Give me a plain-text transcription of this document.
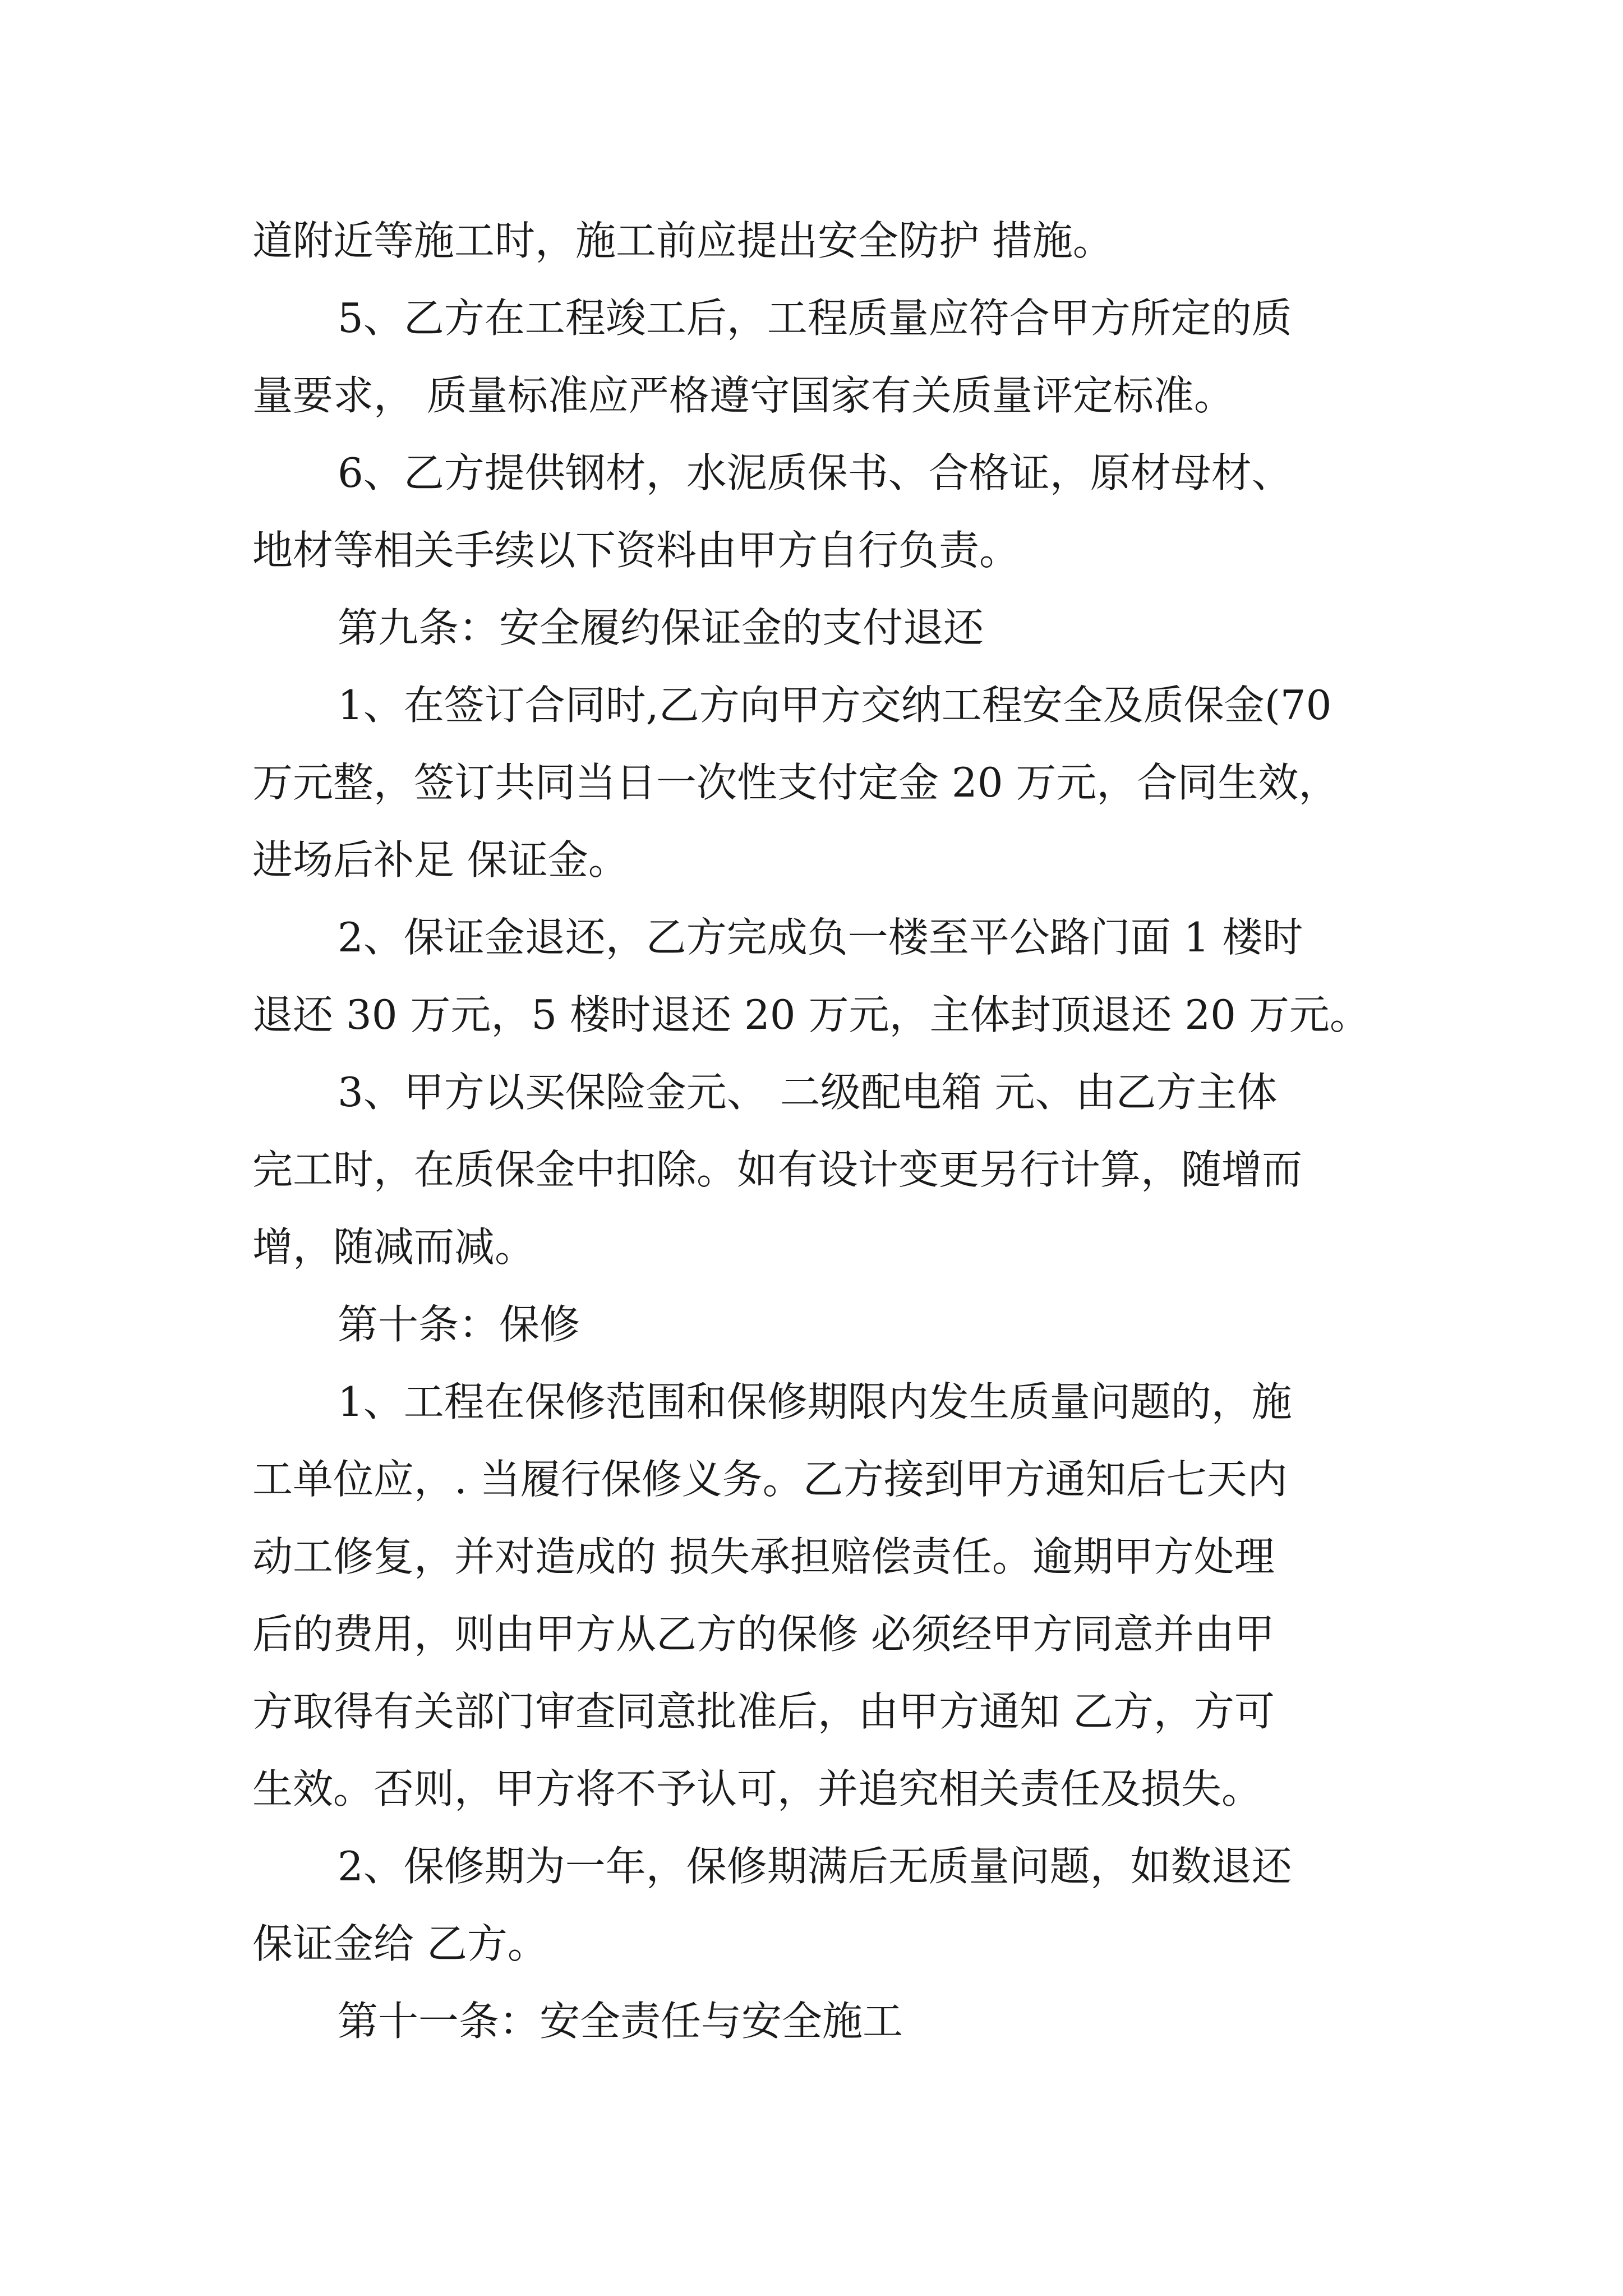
道附近等施工时，施工前应提出安全防护 措施。
5、乙方在工程竣工后，工程质量应符合甲方所定的质
量要求， 质量标准应严格遵守国家有关质量评定标准。
6、乙方提供钢材，水泥质保书、合格证，原材母材、
地材等相关手续以下资料由甲方自行负责。
第九条：安全履约保证金的支付退还
1、在签订合同时,乙方向甲方交纳工程安全及质保金(70
万元整，签订共同当日一次性支付定金 20 万元，合同生效，
进场后补足 保证金。
2、保证金退还，乙方完成负一楼至平公路门面 1 楼时
退还 30 万元，5 楼时退还 20 万元，主体封顶退还 20 万元。
3、甲方以买保险金元、 二级配电箱 元、由乙方主体
完工时，在质保金中扣除。如有设计变更另行计算，随增而
增，随减而减。
第十条：保修
1、工程在保修范围和保修期限内发生质量问题的，施
工单位应，. 当履行保修义务。乙方接到甲方通知后七天内
动工修复，并对造成的 损失承担赔偿责任。逾期甲方处理
后的费用，则由甲方从乙方的保修 必须经甲方同意并由甲
方取得有关部门审查同意批准后，由甲方通知 乙方，方可
生效。否则，甲方将不予认可，并追究相关责任及损失。
2、保修期为一年，保修期满后无质量问题，如数退还
保证金给 乙方。
第十一条：安全责任与安全施工
